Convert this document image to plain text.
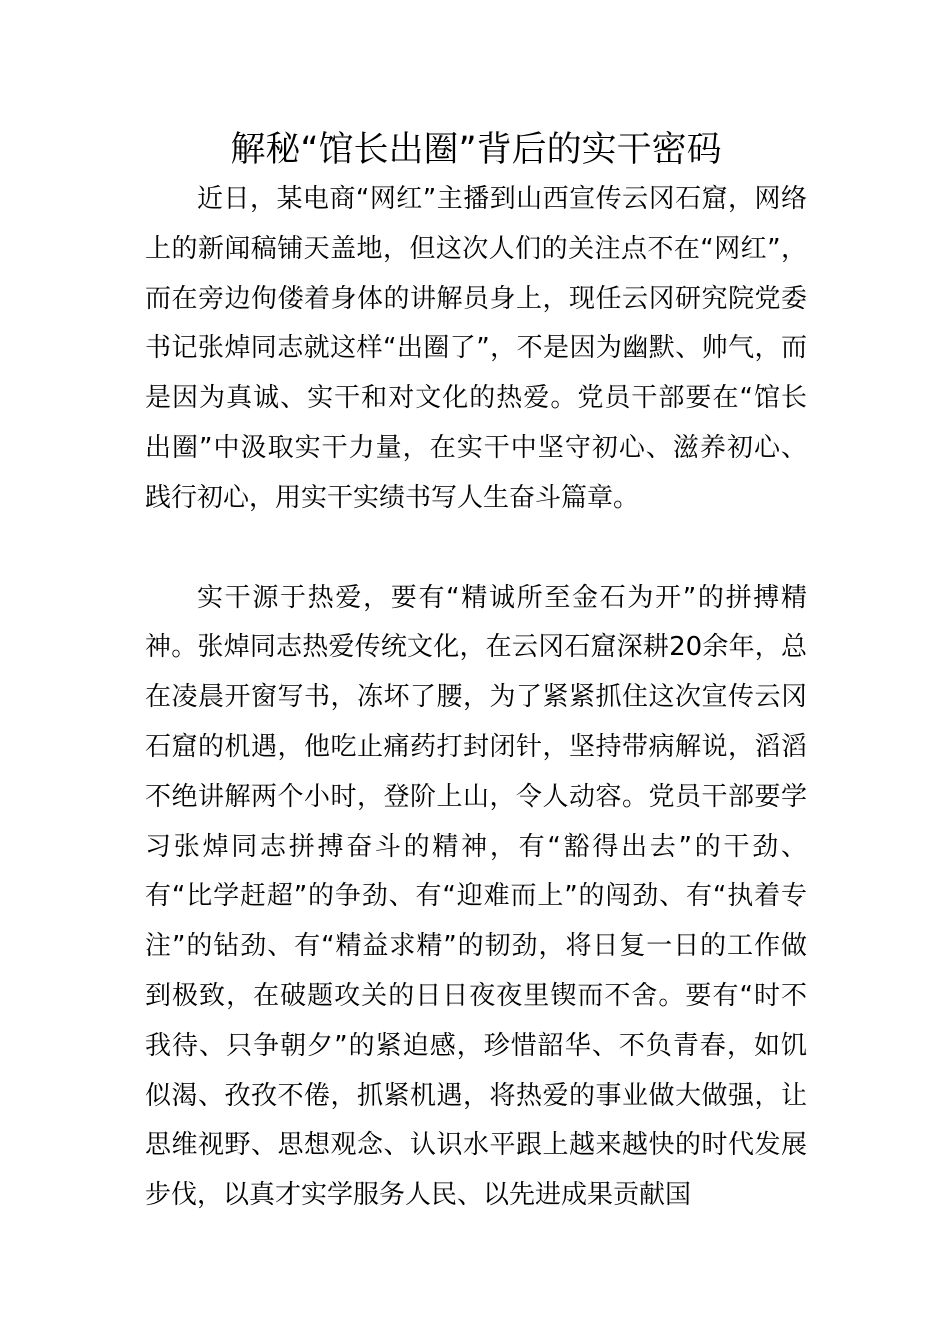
解秘“馆长出圈”背后的实干密码

近日，某电商“网红”主播到山西宣传云冈石窟，网络上的新闻稿铺天盖地，但这次人们的关注点不在“网红”，而在旁边佝偻着身体的讲解员身上，现任云冈研究院党委书记张焯同志就这样“出圈了”，不是因为幽默、帅气，而是因为真诚、实干和对文化的热爱。党员干部要在“馆长出圈”中汲取实干力量，在实干中坚守初心、滋养初心、践行初心，用实干实绩书写人生奋斗篇章。

实干源于热爱，要有“精诚所至金石为开”的拼搏精神。张焯同志热爱传统文化，在云冈石窟深耕20余年，总在凌晨开窗写书，冻坏了腰，为了紧紧抓住这次宣传云冈石窟的机遇，他吃止痛药打封闭针，坚持带病解说，滔滔不绝讲解两个小时，登阶上山，令人动容。党员干部要学习张焯同志拼搏奋斗的精神，有“豁得出去”的干劲、有“比学赶超”的争劲、有“迎难而上”的闯劲、有“执着专注”的钻劲、有“精益求精”的韧劲，将日复一日的工作做到极致，在破题攻关的日日夜夜里锲而不舍。要有“时不我待、只争朝夕”的紧迫感，珍惜韶华、不负青春，如饥似渴、孜孜不倦，抓紧机遇，将热爱的事业做大做强，让思维视野、思想观念、认识水平跟上越来越快的时代发展步伐，以真才实学服务人民、以先进成果贡献国
